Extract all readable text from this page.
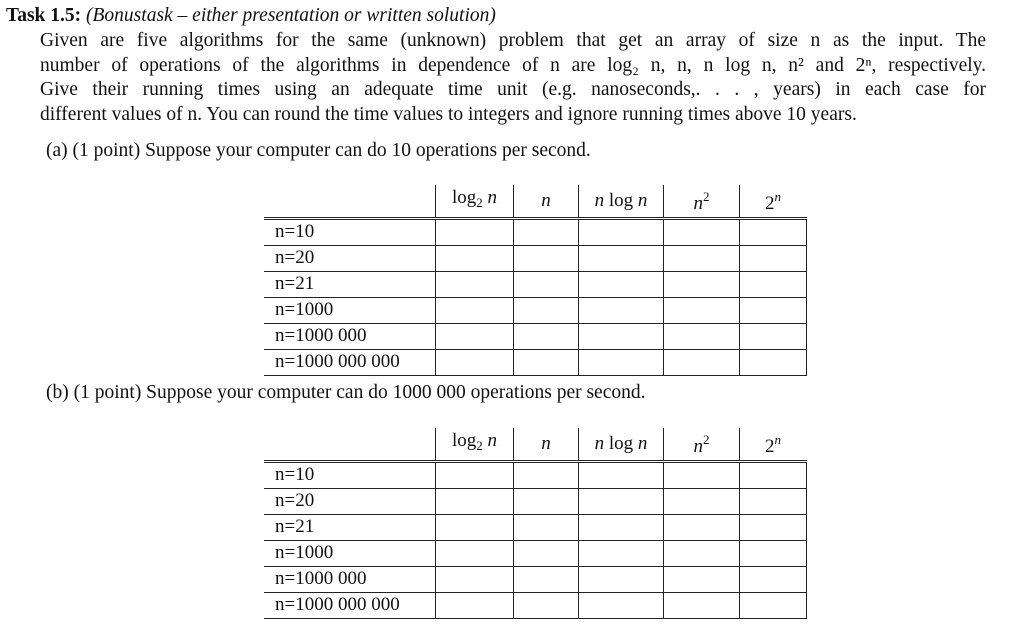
Task 1.5: (Bonustask – either presentation or written solution)
Given are five algorithms for the same (unknown) problem that get an array of size n as the input. The
number of operations of the algorithms in dependence of n are log₂ n, n, n log n, n² and 2ⁿ, respectively.
Give their running times using an adequate time unit (e.g. nanoseconds,. . . , years) in each case for
different values of n. You can round the time values to integers and ignore running times above 10 years.
(a) (1 point) Suppose your computer can do 10 operations per second.
	$\log_2 n$	n	n log n	$n^2$	2$^n$
n=10					
n=20					
n=21					
n=1000					
n=1000 000					
n=1000 000 000					
(b) (1 point) Suppose your computer can do 1000 000 operations per second.
	$\log_2 n$	n	n log n	$n^2$	2$^n$
n=10					
n=20					
n=21					
n=1000					
n=1000 000					
n=1000 000 000					
